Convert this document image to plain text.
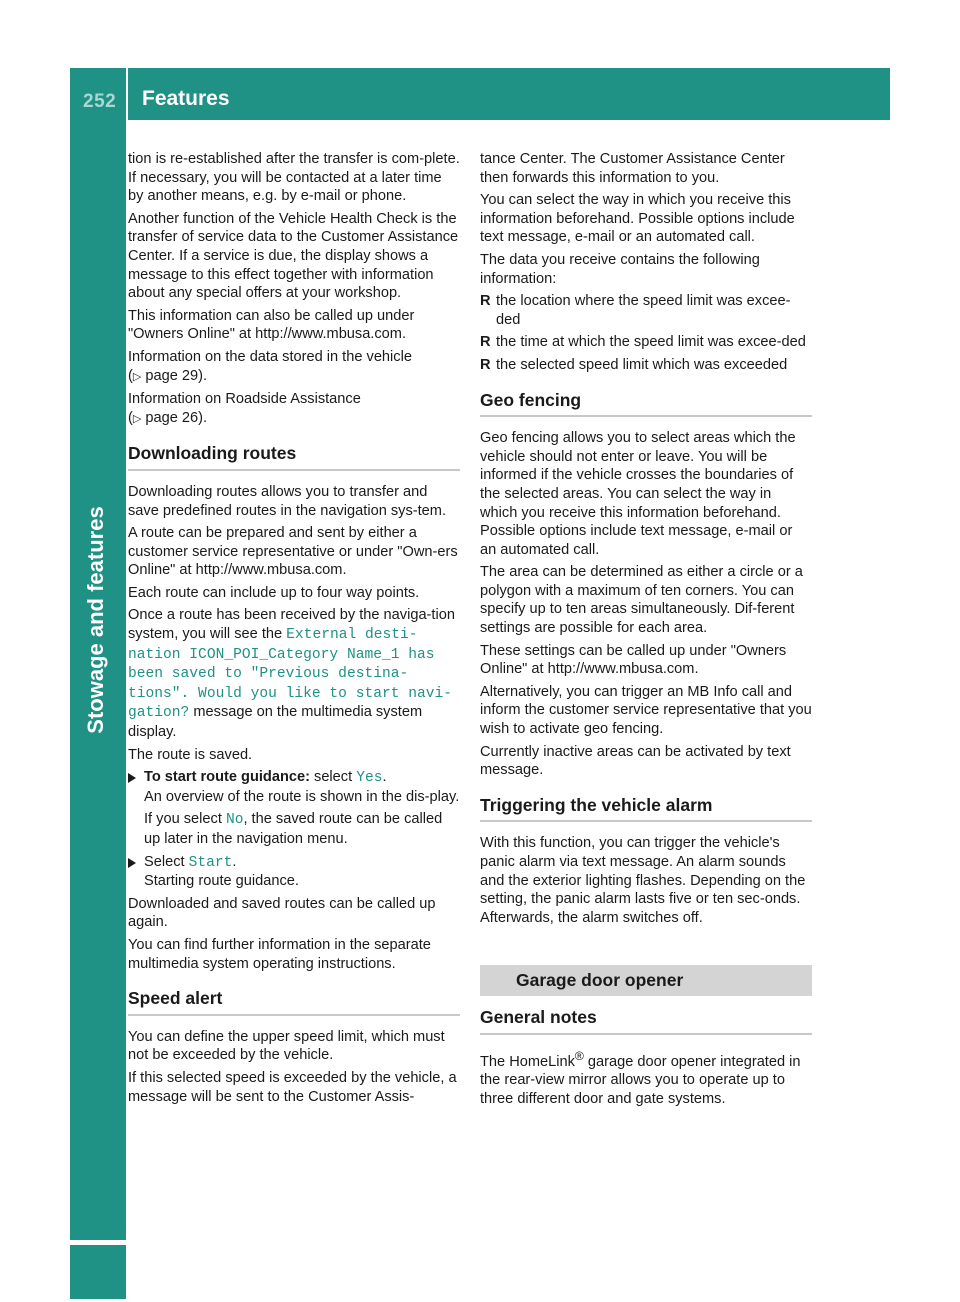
252 Features
Stowage and features

tion is re-established after the transfer is com-plete. If necessary, you will be contacted at a later time by another means, e.g. by e-mail or phone.

Another function of the Vehicle Health Check is the transfer of service data to the Customer Assistance Center. If a service is due, the display shows a message to this effect together with information about any special offers at your workshop.

This information can also be called up under "Owners Online" at http://www.mbusa.com.

Information on the data stored in the vehicle
(▷ page 29).

Information on Roadside Assistance
(▷ page 26).

Downloading routes

Downloading routes allows you to transfer and save predefined routes in the navigation sys-tem.

A route can be prepared and sent by either a customer service representative or under "Own-ers Online" at http://www.mbusa.com.

Each route can include up to four way points.

Once a route has been received by the naviga-tion system, you will see the External desti-nation ICON_POI_Category Name_1 has been saved to "Previous destina-tions". Would you like to start navi-gation? message on the multimedia system display.

The route is saved.

To start route guidance: select Yes.
An overview of the route is shown in the dis-play.

If you select No, the saved route can be called up later in the navigation menu.

Select Start.
Starting route guidance.

Downloaded and saved routes can be called up again.

You can find further information in the separate multimedia system operating instructions.

Speed alert

You can define the upper speed limit, which must not be exceeded by the vehicle.

If this selected speed is exceeded by the vehicle, a message will be sent to the Customer Assis-

tance Center. The Customer Assistance Center then forwards this information to you.

You can select the way in which you receive this information beforehand. Possible options include text message, e-mail or an automated call.

The data you receive contains the following information:

R the location where the speed limit was excee-ded
R the time at which the speed limit was excee-ded
R the selected speed limit which was exceeded
Geo fencing

Geo fencing allows you to select areas which the vehicle should not enter or leave. You will be informed if the vehicle crosses the boundaries of the selected areas. You can select the way in which you receive this information beforehand. Possible options include text message, e-mail or an automated call.

The area can be determined as either a circle or a polygon with a maximum of ten corners. You can specify up to ten areas simultaneously. Dif-ferent settings are possible for each area.

These settings can be called up under "Owners Online" at http://www.mbusa.com.

Alternatively, you can trigger an MB Info call and inform the customer service representative that you wish to activate geo fencing.

Currently inactive areas can be activated by text message.

Triggering the vehicle alarm

With this function, you can trigger the vehicle's panic alarm via text message. An alarm sounds and the exterior lighting flashes. Depending on the setting, the panic alarm lasts five or ten sec-onds. Afterwards, the alarm switches off.

Garage door opener
General notes

The HomeLink® garage door opener integrated in the rear-view mirror allows you to operate up to three different door and gate systems.
